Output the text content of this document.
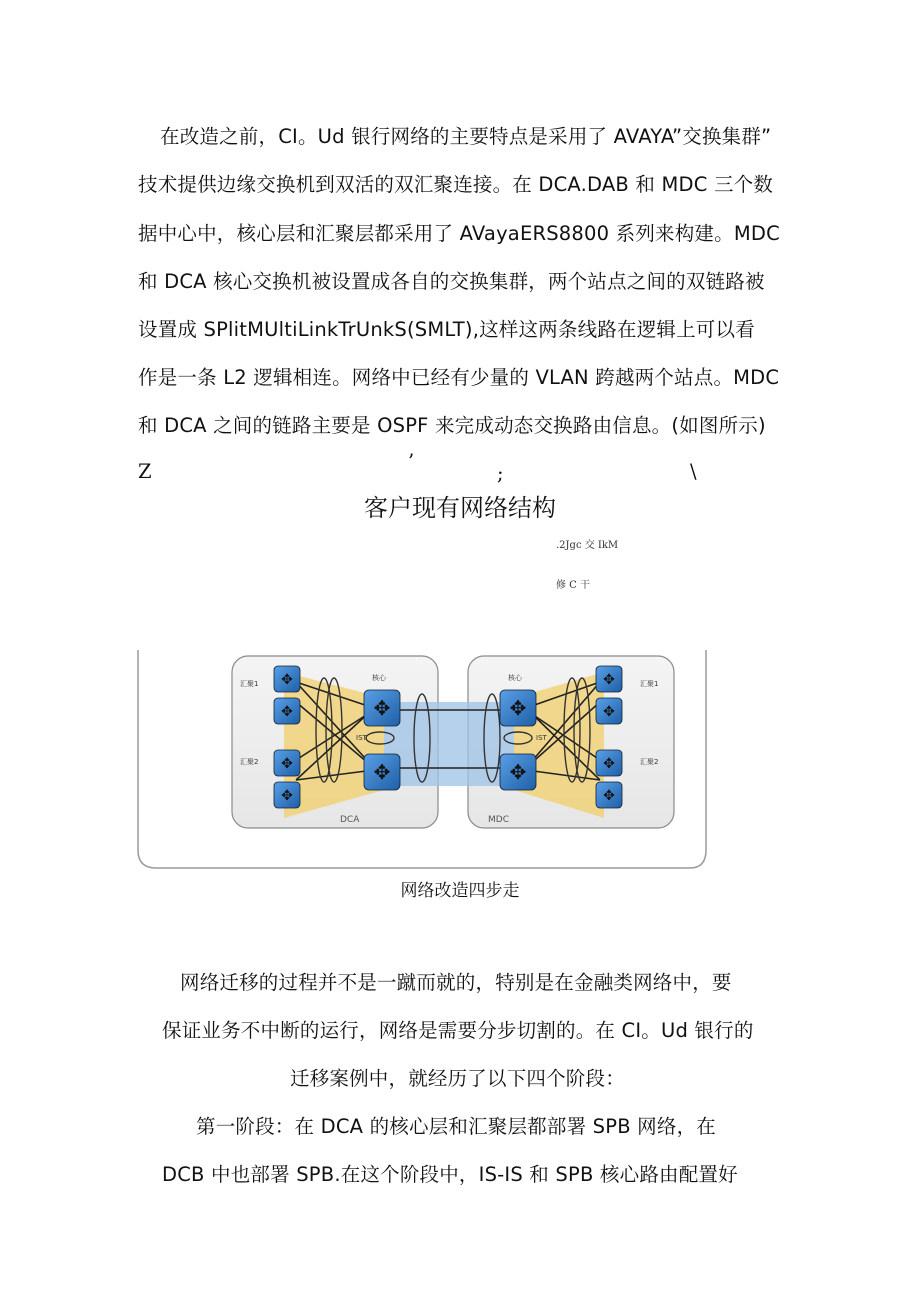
在改造之前，CI。Ud 银行网络的主要特点是采用了 AVAYA”交换集群”
技术提供边缘交换机到双活的双汇聚连接。在 DCA.DAB 和 MDC 三个数
据中心中，核心层和汇聚层都采用了 AVayaERS8800 系列来构建。MDC
和 DCA 核心交换机被设置成各自的交换集群，两个站点之间的双链路被
设置成 SPlitMUltiLinkTrUnkS(SMLT),这样这两条线路在逻辑上可以看
作是一条 L2 逻辑相连。网络中已经有少量的 VLAN 跨越两个站点。MDC
和 DCA 之间的链路主要是 OSPF 来完成动态交换路由信息。(如图所示)
Z	’
;	\
客户现有网络结构
.2Jgc 交 IkM
修 C 干
✥
✥
✥
✥
✥
✥
✥
✥
✥
✥
✥
✥
汇聚1
汇聚2
核心
IST
核心
IST
汇聚1
汇聚2
DCA	MDC
网络改造四步走
网络迁移的过程并不是一蹴而就的，特别是在金融类网络中，要
保证业务不中断的运行，网络是需要分步切割的。在 CI。Ud 银行的
迁移案例中，就经历了以下四个阶段：
第一阶段：在 DCA 的核心层和汇聚层都部署 SPB 网络，在
DCB 中也部署 SPB.在这个阶段中，IS-IS 和 SPB 核心路由配置好
